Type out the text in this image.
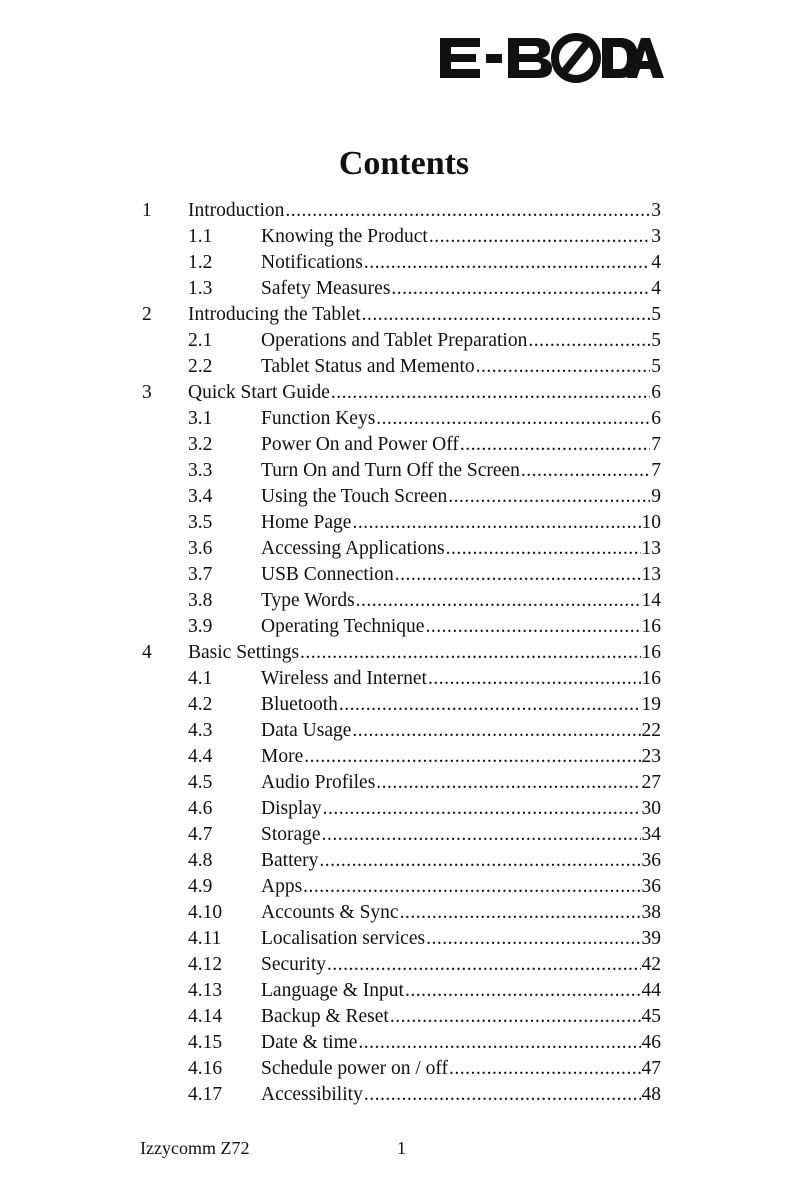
Contents
1 Introduction .....	3
1.1 Knowing the Product .....	3
1.2 Notifications .....	4
1.3 Safety Measures .....	4
2 Introducing the Tablet .....	5
2.1 Operations and Tablet Preparation .....	5
2.2 Tablet Status and Memento .....	5
3 Quick Start Guide .....	6
3.1 Function Keys .....	6
3.2 Power On and Power Off .....	7
3.3 Turn On and Turn Off the Screen .....	7
3.4 Using the Touch Screen .....	9
3.5 Home Page .....	10
3.6 Accessing Applications .....	13
3.7 USB Connection .....	13
3.8 Type Words .....	14
3.9 Operating Technique .....	16
4 Basic Settings .....	16
4.1 Wireless and Internet .....	16
4.2 Bluetooth .....	19
4.3 Data Usage .....	22
4.4 More .....	23
4.5 Audio Profiles .....	27
4.6 Display .....	30
4.7 Storage .....	34
4.8 Battery .....	36
4.9 Apps .....	36
4.10 Accounts & Sync .....	38
4.11 Localisation services .....	39
4.12 Security .....	42
4.13 Language & Input .....	44
4.14 Backup & Reset .....	45
4.15 Date & time .....	46
4.16 Schedule power on / off .....	47
4.17 Accessibility .....	48
Izzycomm Z72	1
